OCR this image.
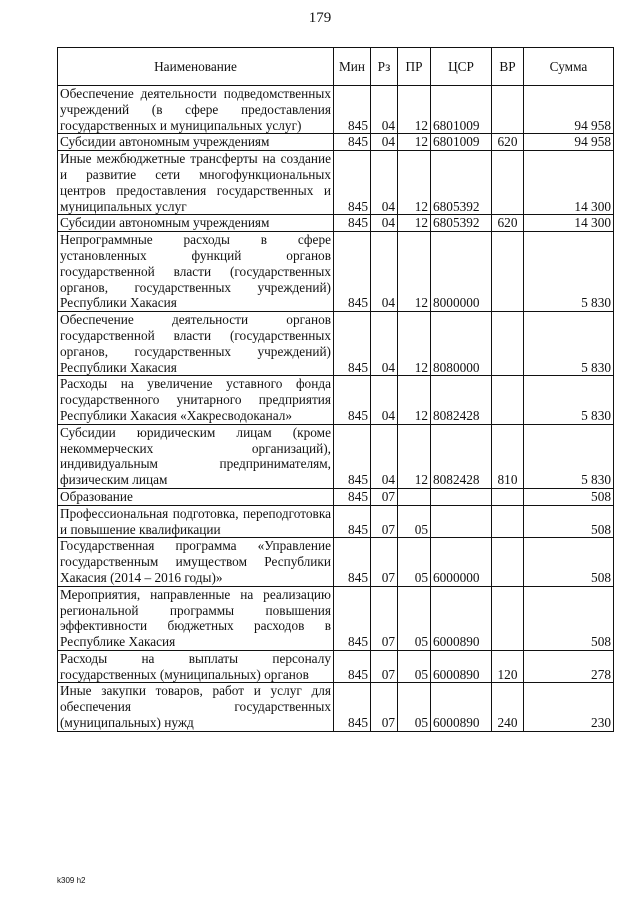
179
Наименование	Мин	Рз	ПР	ЦСР	ВР	Сумма
Обеспечение деятельности подведомственных учреждений (в сфере предоставления государственных и муниципальных услуг)	845	04	12	6801009		94 958
Субсидии автономным учреждениям	845	04	12	6801009	620	94 958
Иные межбюджетные трансферты на создание и развитие сети многофункциональных центров предоставления государственных и муниципальных услуг	845	04	12	6805392		14 300
Субсидии автономным учреждениям	845	04	12	6805392	620	14 300
Непрограммные расходы в сфере установленных функций органов государственной власти (государственных органов, государственных учреждений) Республики Хакасия	845	04	12	8000000		5 830
Обеспечение деятельности органов государственной власти (государственных органов, государственных учреждений) Республики Хакасия	845	04	12	8080000		5 830
Расходы на увеличение уставного фонда государственного унитарного предприятия Республики Хакасия «Хакресводоканал»	845	04	12	8082428		5 830
Субсидии юридическим лицам (кроме некоммерческих организаций), индивидуальным предпринимателям, физическим лицам	845	04	12	8082428	810	5 830
Образование	845	07				508
Профессиональная подготовка, переподготовка и повышение квалификации	845	07	05			508
Государственная программа «Управление государственным имуществом Республики Хакасия (2014 – 2016 годы)»	845	07	05	6000000		508
Мероприятия, направленные на реализацию региональной программы повышения эффективности бюджетных расходов в Республике Хакасия	845	07	05	6000890		508
Расходы на выплаты персоналу государственных (муниципальных) органов	845	07	05	6000890	120	278
Иные закупки товаров, работ и услуг для обеспечения государственных (муниципальных) нужд	845	07	05	6000890	240	230
k309 h2
